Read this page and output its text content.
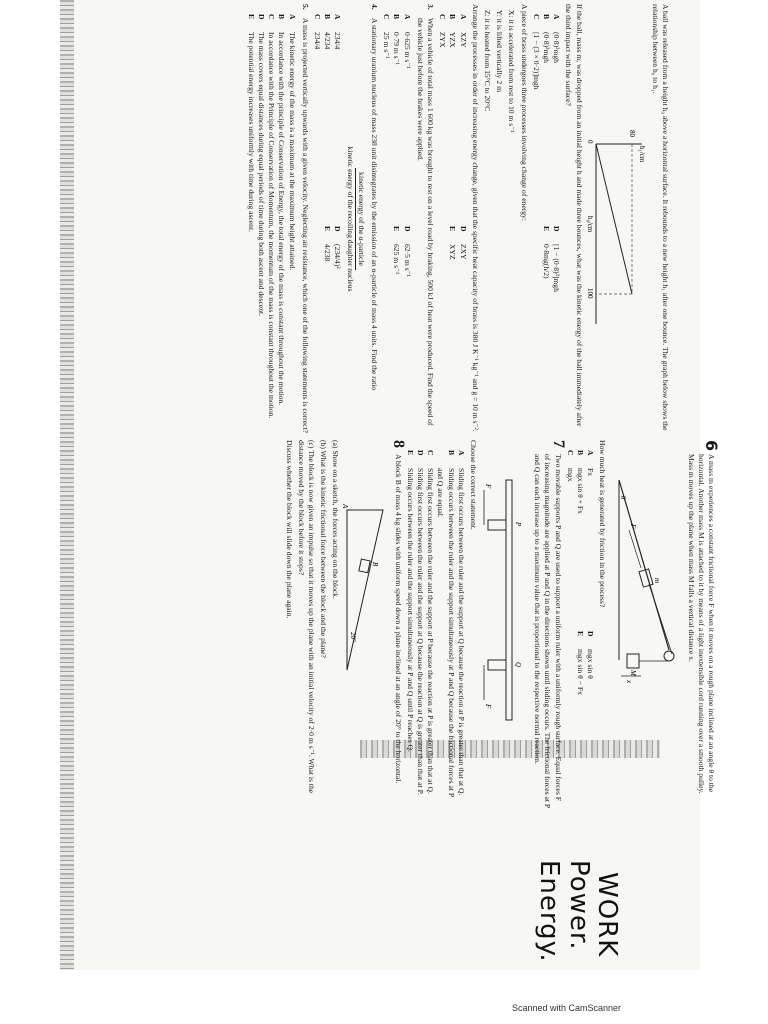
A ball was released from a height h₀ above a horizontal surface. It rebounds to a new height h₁ after one bounce. The graph below shows the relationship between h₀ to h₁.

h₁/cm
h₀/cm
80
0
100

If the ball, mass m, was dropped from an initial height h and made three bounces, what was the kinetic energy of the ball immediately after the third impact with the surface?

A
(0·8)²mgh
D
[1 − (0·8)³]mgh
B
(0·8)³mgh
E
0·8mg(h/2)
C
[1 − (3 × 0·2)]mgh

A piece of brass undergoes three processes involving change of energy:

X: it is accelerated from rest to 10 m s⁻¹

Y: it is lifted vertically 2 m

Z: it is heated from 15°C to 20°C

Arrange the processes in order of increasing energy change, given that the specific heat capacity of brass is 380 J K⁻¹ kg⁻¹ and g = 10 m s⁻².

A
XZY
D
ZXY
B
YZX
E
XYZ
C
ZYX
3.

When a vehicle of total mass 1 600 kg was brought to rest on a level road by braking, 500 kJ of heat were produced. Find the speed of the vehicle just before the brakes were applied.

A
0·625 m s⁻¹
D
62·5 m s⁻¹
B
0·79 m s⁻¹
E
625 m s⁻¹
C
25 m s⁻¹
4.

A stationary uranium nucleus of mass 238 unit disintegrates by the emission of an α-particle of mass 4 units. Find the ratio

kinetic energy of the α-particle
kinetic energy of the recoiling daughter nucleus
A
234/4
D
(234/4)²
B
4/234
E
4/238
C
234/4
5.

A mass is projected vertically upwards with a given velocity. Neglecting air resistance, which one of the following statements is correct?

A
The kinetic energy of the mass is a maximum at the maximum height attained.
B
In accordance with the principle of Conservation of Energy, the total energy of the mass is constant throughout the motion.
C
In accordance with the Principle of Conservation of Momentum, the momentum of the mass is constant throughout the motion.
D
The mass covers equal distances during equal periods of time during both ascent and descent.
E
The potential energy increases uniformly with time during ascent.
6

A mass m experiences a constant frictional force F when it moves on a rough plane inclined at an angle θ to the horizontal. Another mass M is attached to it by means of a light inextensible cord running over a smooth pulley. Mass m moves up the plane when mass M falls a vertical distance x.

m
M
F
θ
x

How much heat is generated by friction in the process?

A
Fx
D
mgx sin θ
B
mgx sin θ + Fx
E
mgx sin θ − Fx
C
mgx
7

Two movable supports P and Q are used to support a uniform ruler with a uniformly rough surface. Equal forces F of increasing magnitude are applied at P and Q in the directions shown until sliding occurs. The frictional forces at P and Q can each increase up to a maximum value that is proportional to the respective normal reaction.

P
Q
F
F

Choose the correct statement.

A
Sliding first occurs between the ruler and the support at Q because the reaction at P is greater than that at Q.
B
Sliding occurs between the ruler and the support simultaneously at P and Q because the frictional forces at P and Q are equal.
C
Sliding first occurs between the ruler and the support at P because the reaction at P is greater than that at Q.
D
Sliding first occurs between the ruler and the support at Q because the reaction at Q is greater than that at P.
E
Sliding occurs between the ruler and the support simultaneously at P and Q until P reaches Q.
8

A block B of mass 4 kg slides with uniform speed down a plane inclined at an angle of 20° to the horizontal.

20°
B
A

(a) Show on a sketch, the forces acting on the block.

(b) What is the kinetic frictional force between the block and the plane?

(c) The block is now given an impulse so that it moves up the plane with an initial velocity of 2·0 m s⁻¹. What is the distance moved by the block before it stops?

Discuss whether the block will slide down the plane again.

WORK
Power.
Energy.
Scanned with CamScanner
